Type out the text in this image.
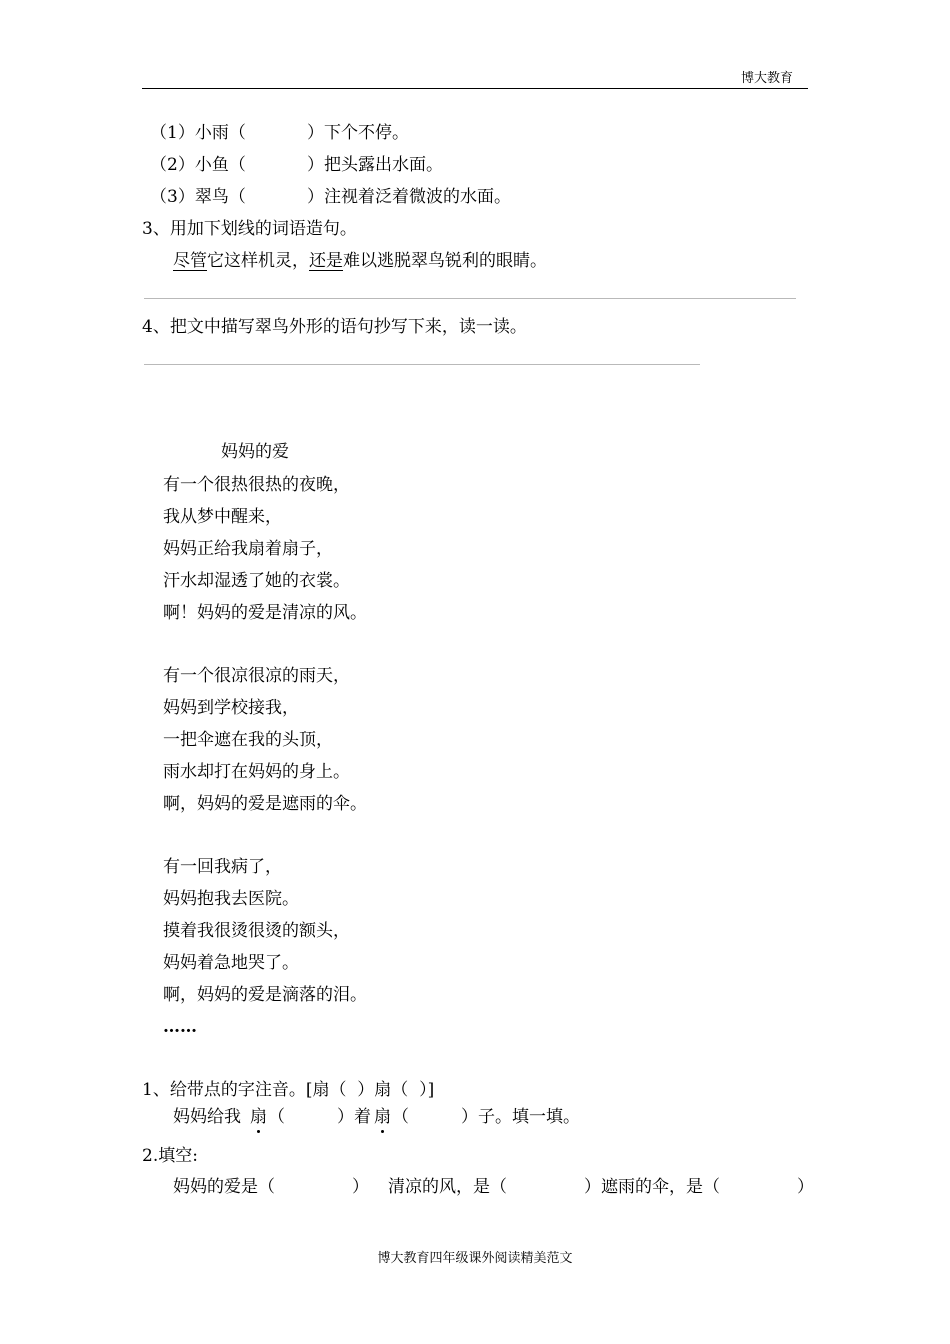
博大教育
（1）小雨（	）下个不停。
（2）小鱼（	）把头露出水面。
（3）翠鸟（	）注视着泛着微波的水面。
3、用加下划线的词语造句。
尽管它这样机灵，还是难以逃脱翠鸟锐利的眼睛。
4、把文中描写翠鸟外形的语句抄写下来，读一读。
妈妈的爱
有一个很热很热的夜晚，
我从梦中醒来，
妈妈正给我扇着扇子，
汗水却湿透了她的衣裳。
啊！妈妈的爱是清凉的风。
有一个很凉很凉的雨天，
妈妈到学校接我，
一把伞遮在我的头顶，
雨水却打在妈妈的身上。
啊，妈妈的爱是遮雨的伞。
有一回我病了，
妈妈抱我去医院。
摸着我很烫很烫的额头，
妈妈着急地哭了。
啊，妈妈的爱是滴落的泪。
……
1、给带点的字注音。[扇（  ）扇（  ）]
妈妈给我 扇 （	）着 扇 （	）子。填一填。
2.填空:
妈妈的爱是（	） 清凉的风，是（	）遮雨的伞，是（	）
博大教育四年级课外阅读精美范文
